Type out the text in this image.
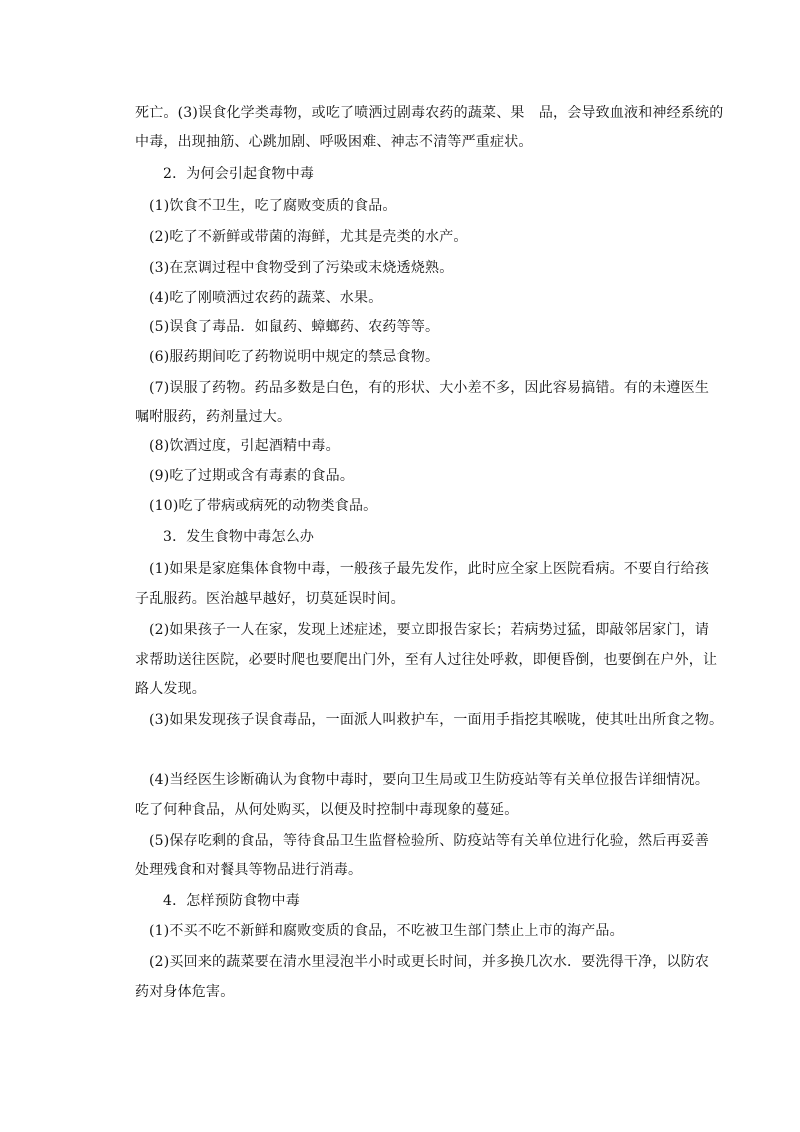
死亡。(3)误食化学类毒物，或吃了喷洒过剧毒农药的蔬菜、果　品，会导致血液和神经系统的
中毒，出现抽筋、心跳加剧、呼吸困难、神志不清等严重症状。
2．为何会引起食物中毒
(1)饮食不卫生，吃了腐败变质的食品。
(2)吃了不新鲜或带菌的海鲜，尤其是壳类的水产。
(3)在烹调过程中食物受到了污染或末烧透烧熟。
(4)吃了刚喷洒过农药的蔬菜、水果。
(5)误食了毒品．如鼠药、蟑螂药、农药等等。
(6)服药期间吃了药物说明中规定的禁忌食物。
(7)误服了药物。药品多数是白色，有的形状、大小差不多，因此容易搞错。有的未遵医生
嘱咐服药，药剂量过大。
(8)饮酒过度，引起酒精中毒。
(9)吃了过期或含有毒素的食品。
(10)吃了带病或病死的动物类食品。
3．发生食物中毒怎么办
(1)如果是家庭集体食物中毒，一般孩子最先发作，此时应全家上医院看病。不要自行给孩
子乱服药。医治越早越好，切莫延误时间。
(2)如果孩子一人在家，发现上述症述，要立即报告家长；若病势过猛，即敲邻居家门，请
求帮助送往医院，必要时爬也要爬出门外，至有人过往处呼救，即便昏倒，也要倒在户外，让
路人发现。
(3)如果发现孩子误食毒品，一面派人叫救护车，一面用手指挖其喉咙，使其吐出所食之物。
(4)当经医生诊断确认为食物中毒时，要向卫生局或卫生防疫站等有关单位报告详细情况。
吃了何种食品，从何处购买，以便及时控制中毒现象的蔓延。
(5)保存吃剩的食品，等待食品卫生监督检验所、防疫站等有关单位进行化验，然后再妥善
处理残食和对餐具等物品进行消毒。
4．怎样预防食物中毒
(1)不买不吃不新鲜和腐败变质的食品，不吃被卫生部门禁止上市的海产品。
(2)买回来的蔬菜要在清水里浸泡半小时或更长时间，并多换几次水．要洗得干净，以防农
药对身体危害。
